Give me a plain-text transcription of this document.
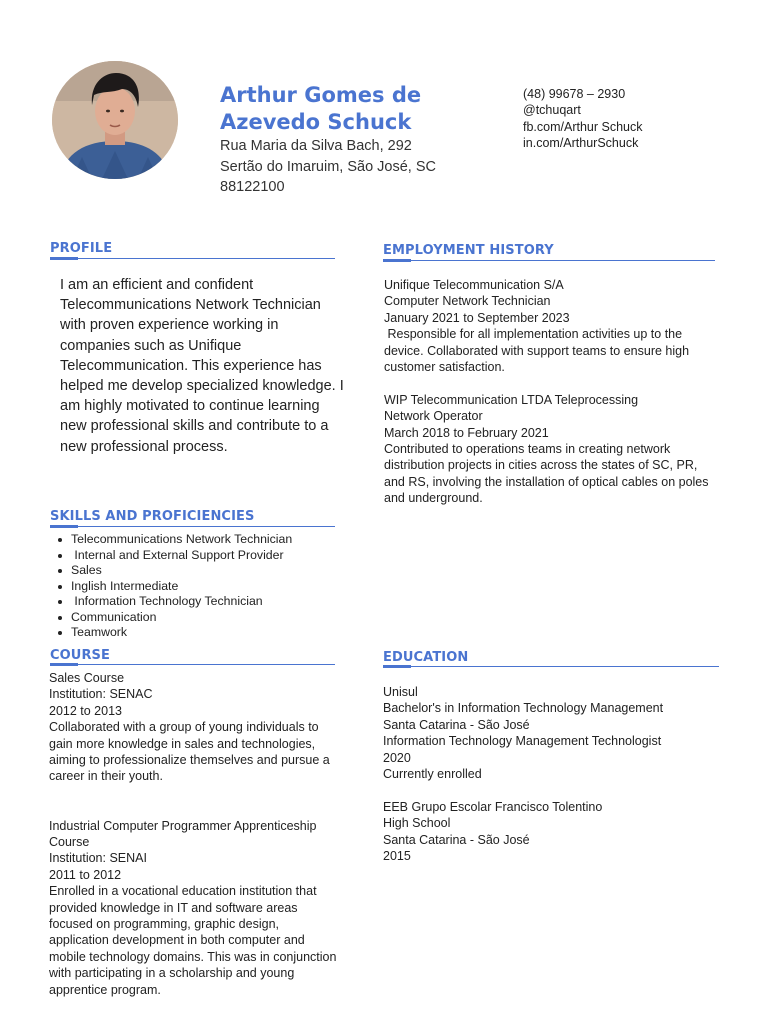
Arthur Gomes de
Azevedo Schuck
Rua Maria da Silva Bach, 292
Sertão do Imaruim, São José, SC
88122100
(48) 99678 – 2930
@tchuqart
fb.com/Arthur Schuck
in.com/ArthurSchuck
PROFILE
I am an efficient and confident Telecommunications Network Technician with proven experience working in companies such as Unifique Telecommunication. This experience has helped me develop specialized knowledge. I am highly motivated to continue learning new professional skills and contribute to a new professional process.
EMPLOYMENT HISTORY
Unifique Telecommunication S/A
Computer Network Technician
January 2021 to September 2023
Responsible for all implementation activities up to the device. Collaborated with support teams to ensure high customer satisfaction.
WIP Telecommunication LTDA Teleprocessing
Network Operator
March 2018 to February 2021
Contributed to operations teams in creating network distribution projects in cities across the states of SC, PR, and RS, involving the installation of optical cables on poles and underground.
SKILLS AND PROFICIENCIES
Telecommunications Network Technician
Internal and External Support Provider
Sales
Inglish Intermediate
Information Technology Technician
Communication
Teamwork
COURSE
Sales Course
Institution: SENAC
2012 to 2013
Collaborated with a group of young individuals to gain more knowledge in sales and technologies, aiming to professionalize themselves and pursue a career in their youth.
Industrial Computer Programmer Apprenticeship Course
Institution: SENAI
2011 to 2012
Enrolled in a vocational education institution that provided knowledge in IT and software areas focused on programming, graphic design, application development in both computer and mobile technology domains. This was in conjunction with participating in a scholarship and young apprentice program.
EDUCATION
Unisul
Bachelor's in Information Technology Management
Santa Catarina - São José
Information Technology Management Technologist
2020
Currently enrolled
EEB Grupo Escolar Francisco Tolentino
High School
Santa Catarina - São José
2015
